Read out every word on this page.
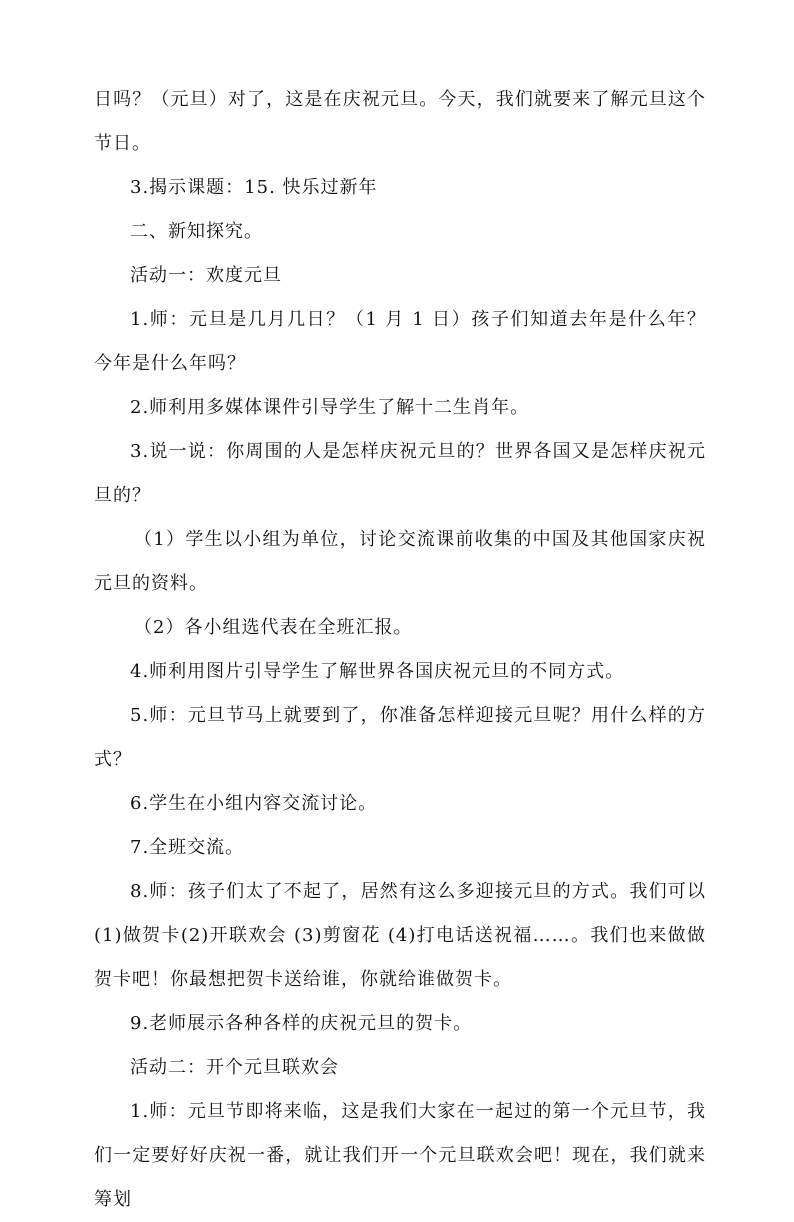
日吗？（元旦）对了，这是在庆祝元旦。今天，我们就要来了解元旦这个节日。

3.揭示课题：15. 快乐过新年

二、新知探究。

活动一：欢度元旦

1.师：元旦是几月几日？（1 月 1 日）孩子们知道去年是什么年？今年是什么年吗？

2.师利用多媒体课件引导学生了解十二生肖年。

3.说一说：你周围的人是怎样庆祝元旦的？世界各国又是怎样庆祝元旦的？

（1）学生以小组为单位，讨论交流课前收集的中国及其他国家庆祝元旦的资料。

（2）各小组选代表在全班汇报。

4.师利用图片引导学生了解世界各国庆祝元旦的不同方式。

5.师：元旦节马上就要到了，你准备怎样迎接元旦呢？用什么样的方式？

6.学生在小组内容交流讨论。

7.全班交流。

8.师：孩子们太了不起了，居然有这么多迎接元旦的方式。我们可以(1)做贺卡(2)开联欢会 (3)剪窗花 (4)打电话送祝福……。我们也来做做贺卡吧！你最想把贺卡送给谁，你就给谁做贺卡。

9.老师展示各种各样的庆祝元旦的贺卡。

活动二：开个元旦联欢会

1.师：元旦节即将来临，这是我们大家在一起过的第一个元旦节，我们一定要好好庆祝一番，就让我们开一个元旦联欢会吧！现在，我们就来筹划
